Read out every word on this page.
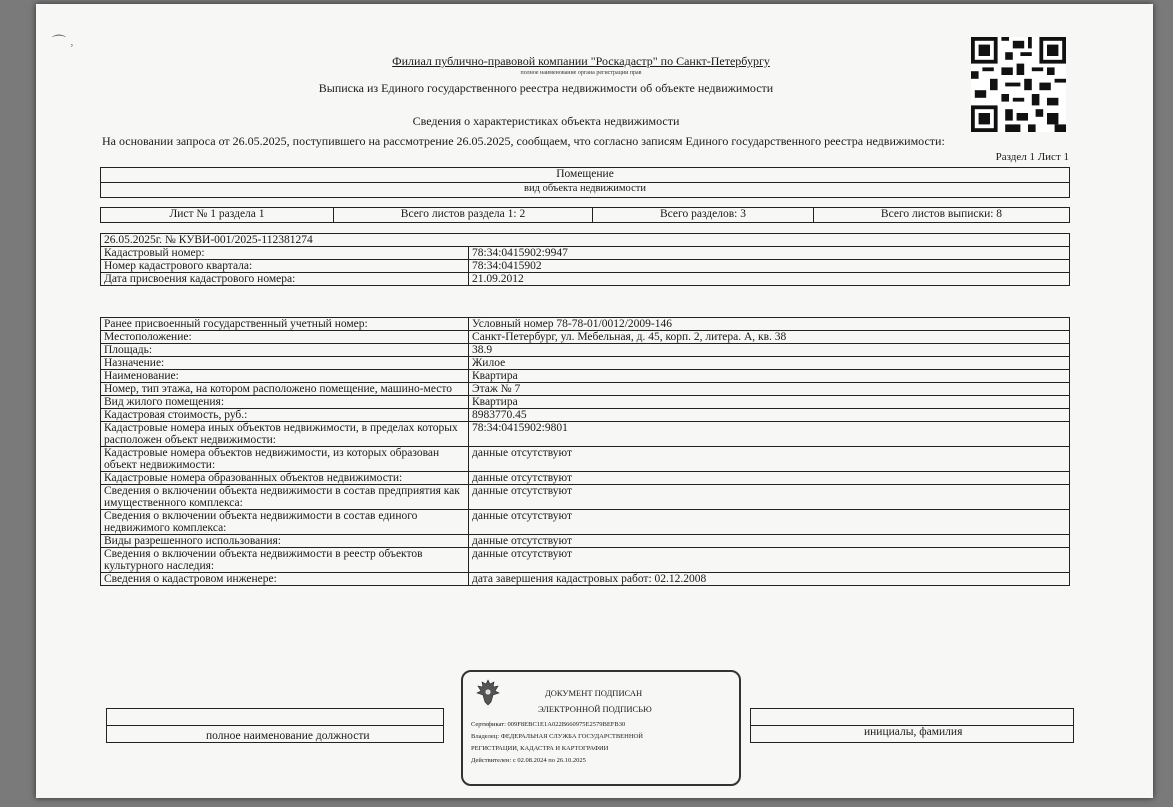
⌒ ˒
Филиал публично-правовой компании "Роскадастр" по Санкт-Петербургу
полное наименование органа регистрации прав
Выписка из Единого государственного реестра недвижимости об объекте недвижимости
Сведения о характеристиках объекта недвижимости
На основании запроса от 26.05.2025, поступившего на рассмотрение 26.05.2025, сообщаем, что согласно записям Единого государственного реестра недвижимости:
Раздел 1 Лист 1
Помещение
вид объекта недвижимости
Лист № 1 раздела 1	Всего листов раздела 1: 2	Всего разделов: 3	Всего листов выписки: 8
26.05.2025г. № КУВИ-001/2025-112381274	
Кадастровый номер:	78:34:0415902:9947
Номер кадастрового квартала:	78:34:0415902
Дата присвоения кадастрового номера:	21.09.2012
Ранее присвоенный государственный учетный номер:	Условный номер 78-78-01/0012/2009-146
Местоположение:	Санкт-Петербург, ул. Мебельная, д. 45, корп. 2, литера. А, кв. 38
Площадь:	38.9
Назначение:	Жилое
Наименование:	Квартира
Номер, тип этажа, на котором расположено помещение, машино-место	Этаж № 7
Вид жилого помещения:	Квартира
Кадастровая стоимость, руб.:	8983770.45
Кадастровые номера иных объектов недвижимости, в пределах которых расположен объект недвижимости:	78:34:0415902:9801
Кадастровые номера объектов недвижимости, из которых образован объект недвижимости:	данные отсутствуют
Кадастровые номера образованных объектов недвижимости:	данные отсутствуют
Сведения о включении объекта недвижимости в состав предприятия как имущественного комплекса:	данные отсутствуют
Сведения о включении объекта недвижимости в состав единого недвижимого комплекса:	данные отсутствуют
Виды разрешенного использования:	данные отсутствуют
Сведения о включении объекта недвижимости в реестр объектов культурного наследия:	данные отсутствуют
Сведения о кадастровом инженере:	дата завершения кадастровых работ: 02.12.2008

полное наименование должности	инициалы, фамилия
ДОКУМЕНТ ПОДПИСАН
ЭЛЕКТРОННОЙ ПОДПИСЬЮ
Сертификат: 009F8EBC1E1A022B660975E2579BEFB30
Владелец: ФЕДЕРАЛЬНАЯ СЛУЖБА ГОСУДАРСТВЕННОЙ
РЕГИСТРАЦИИ, КАДАСТРА И КАРТОГРАФИИ
Действителен: с 02.08.2024 по 26.10.2025
